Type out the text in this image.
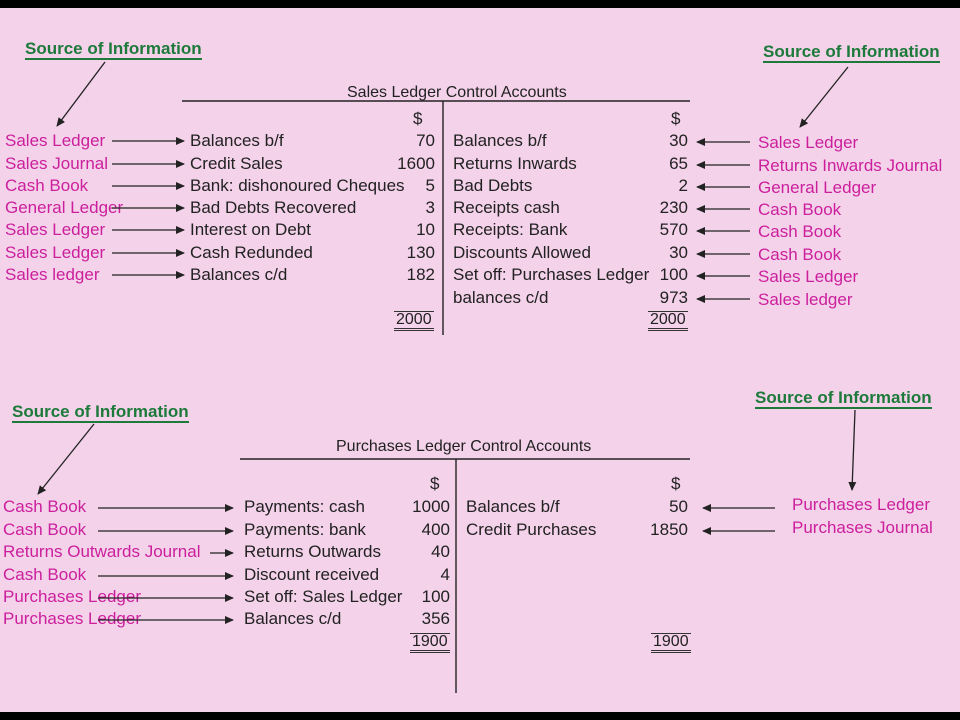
Source of Information	Source of Information
Sales Ledger Control Accounts
$	$
Sales Ledger	Balances b/f	70
Sales Journal	Credit Sales	1600
Cash Book	Bank: dishonoured Cheques 5
General Ledger	Bad Debts Recovered	3
Sales Ledger	Interest on Debt	10
Sales Ledger	Cash Redunded	130
Sales ledger	Balances c/d	182
Balances b/f	30	Sales Ledger
Returns Inwards	65	Returns Inwards Journal
Bad Debts	2	General Ledger
Receipts cash	230	Cash Book
Receipts: Bank	570	Cash Book
Discounts Allowed	30	Cash Book
Set off: Purchases Ledger 100	Sales Ledger
balances c/d	973	Sales ledger
2000	2000
Source of Information
Source of Information
Purchases Ledger Control Accounts
$	$
Cash Book	Payments: cash	1000
Cash Book	Payments: bank	400
Returns Outwards Journal	Returns Outwards	40
Cash Book	Discount received	4
Purchases Ledger	Set off: Sales Ledger 100
Purchases Ledger	Balances c/d	356
Balances b/f	50	Purchases Ledger
Credit Purchases	1850	Purchases Journal
1900	1900
